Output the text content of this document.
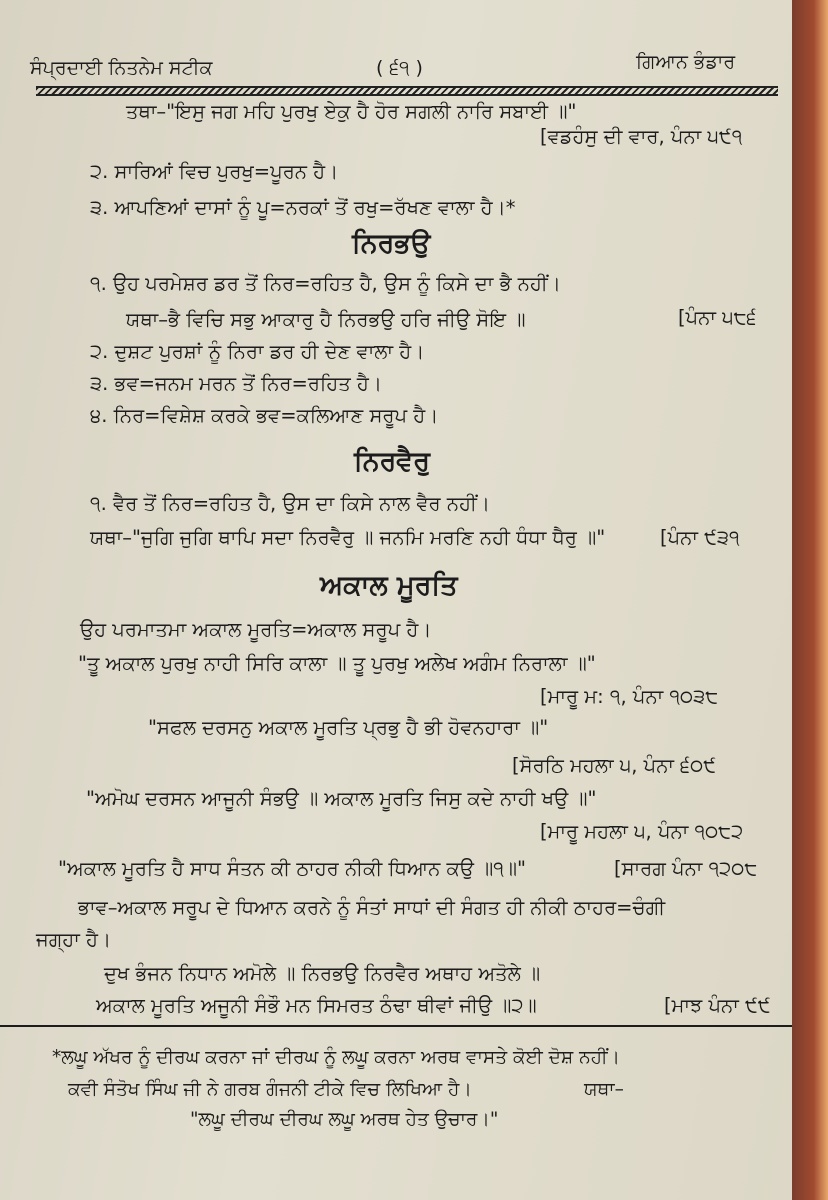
ਸੰਪ੍ਰਦਾਈ ਨਿਤਨੇਮ ਸਟੀਕ	( ੬੧ )	ਗਿਆਨ ਭੰਡਾਰ
ਤਥਾ–"ਇਸੁ ਜਗ ਮਹਿ ਪੁਰਖੁ ਏਕੁ ਹੈ ਹੋਰ ਸਗਲੀ ਨਾਰਿ ਸਬਾਈ ॥"
[ਵਡਹੰਸੁ ਦੀ ਵਾਰ, ਪੰਨਾ ੫੯੧
੨. ਸਾਰਿਆਂ ਵਿਚ ਪੁਰਖੁ=ਪੂਰਨ ਹੈ।
੩. ਆਪਣਿਆਂ ਦਾਸਾਂ ਨੂੰ ਪੂ=ਨਰਕਾਂ ਤੋਂ ਰਖੁ=ਰੱਖਣ ਵਾਲਾ ਹੈ।*
ਨਿਰਭਉ
੧. ਉਹ ਪਰਮੇਸ਼ਰ ਡਰ ਤੋਂ ਨਿਰ=ਰਹਿਤ ਹੈ, ਉਸ ਨੂੰ ਕਿਸੇ ਦਾ ਭੈ ਨਹੀਂ।
ਯਥਾ–ਭੈ ਵਿਚਿ ਸਭੁ ਆਕਾਰੁ ਹੈ ਨਿਰਭਉ ਹਰਿ ਜੀਉ ਸੋਇ ॥	[ਪੰਨਾ ੫੮੬
੨. ਦੁਸ਼ਟ ਪੁਰਸ਼ਾਂ ਨੂੰ ਨਿਰਾ ਡਰ ਹੀ ਦੇਣ ਵਾਲਾ ਹੈ।
੩. ਭਵ=ਜਨਮ ਮਰਨ ਤੋਂ ਨਿਰ=ਰਹਿਤ ਹੈ।
੪. ਨਿਰ=ਵਿਸ਼ੇਸ਼ ਕਰਕੇ ਭਵ=ਕਲਿਆਣ ਸਰੂਪ ਹੈ।
ਨਿਰਵੈਰੁ
੧. ਵੈਰ ਤੋਂ ਨਿਰ=ਰਹਿਤ ਹੈ, ਉਸ ਦਾ ਕਿਸੇ ਨਾਲ ਵੈਰ ਨਹੀਂ।
ਯਥਾ–"ਜੁਗਿ ਜੁਗਿ ਥਾਪਿ ਸਦਾ ਨਿਰਵੈਰੁ ॥ ਜਨਮਿ ਮਰਣਿ ਨਹੀ ਧੰਧਾ ਧੈਰੁ ॥"	[ਪੰਨਾ ੯੩੧
ਅਕਾਲ ਮੂਰਤਿ
ਉਹ ਪਰਮਾਤਮਾ ਅਕਾਲ ਮੂਰਤਿ=ਅਕਾਲ ਸਰੂਪ ਹੈ।
"ਤੂ ਅਕਾਲ ਪੁਰਖੁ ਨਾਹੀ ਸਿਰਿ ਕਾਲਾ ॥ ਤੂ ਪੁਰਖੁ ਅਲੇਖ ਅਗੰਮ ਨਿਰਾਲਾ ॥"
[ਮਾਰੂ ਮ: ੧, ਪੰਨਾ ੧੦੩੮
"ਸਫਲ ਦਰਸਨੁ ਅਕਾਲ ਮੂਰਤਿ ਪ੍ਰਭੁ ਹੈ ਭੀ ਹੋਵਨਹਾਰਾ ॥"
[ਸੋਰਠਿ ਮਹਲਾ ੫, ਪੰਨਾ ੬੦੯
"ਅਮੋਘ ਦਰਸਨ ਆਜੂਨੀ ਸੰਭਉ ॥ ਅਕਾਲ ਮੂਰਤਿ ਜਿਸੁ ਕਦੇ ਨਾਹੀ ਖਉ ॥"
[ਮਾਰੂ ਮਹਲਾ ੫, ਪੰਨਾ ੧੦੮੨
"ਅਕਾਲ ਮੂਰਤਿ ਹੈ ਸਾਧ ਸੰਤਨ ਕੀ ਠਾਹਰ ਨੀਕੀ ਧਿਆਨ ਕਉ ॥੧॥"	[ਸਾਰਗ ਪੰਨਾ ੧੨੦੮
ਭਾਵ–ਅਕਾਲ ਸਰੂਪ ਦੇ ਧਿਆਨ ਕਰਨੇ ਨੂੰ ਸੰਤਾਂ ਸਾਧਾਂ ਦੀ ਸੰਗਤ ਹੀ ਨੀਕੀ ਠਾਹਰ=ਚੰਗੀ
ਜਗ੍ਹਾ ਹੈ।
ਦੁਖ ਭੰਜਨ ਨਿਧਾਨ ਅਮੋਲੇ ॥ ਨਿਰਭਉ ਨਿਰਵੈਰ ਅਥਾਹ ਅਤੋਲੇ ॥
ਅਕਾਲ ਮੂਰਤਿ ਅਜੂਨੀ ਸੰਭੌ ਮਨ ਸਿਮਰਤ ਠੰਢਾ ਥੀਵਾਂ ਜੀਉ ॥੨॥	[ਮਾਝ ਪੰਨਾ ੯੯
*ਲਘੂ ਅੱਖਰ ਨੂੰ ਦੀਰਘ ਕਰਨਾ ਜਾਂ ਦੀਰਘ ਨੂੰ ਲਘੂ ਕਰਨਾ ਅਰਥ ਵਾਸਤੇ ਕੋਈ ਦੋਸ਼ ਨਹੀਂ।
ਕਵੀ ਸੰਤੋਖ ਸਿੰਘ ਜੀ ਨੇ ਗਰਬ ਗੰਜਨੀ ਟੀਕੇ ਵਿਚ ਲਿਖਿਆ ਹੈ।	ਯਥਾ–
"ਲਘੂ ਦੀਰਘ ਦੀਰਘ ਲਘੂ ਅਰਥ ਹੇਤ ਉਚਾਰ।"
